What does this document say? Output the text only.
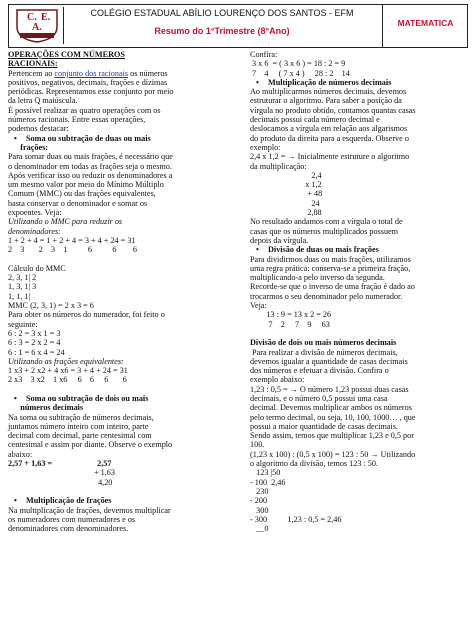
C. E.
A.
COLÉGIO ESTADUAL ABÍLIO LOURENÇO DOS SANTOS - EFM
Resumo do 1°Trimestre (8°Ano)
MATEMATICA
OPERAÇÕES COM NÚMEROS
RACIONAIS:
Pertencem ao conjunto dos racionais os números
positivos, negativos, decimais, frações e dízimas
periódicas. Representamos esse conjunto por meio
da letra Q maiúscula.
É possível realizar as quatro operações com os
números racionais. Entre essas operações,
podemos destacar:
• Soma ou subtração de duas ou mais
frações:
Para somar duas ou mais frações, é necessário que
o denominador em todas as frações seja o mesmo.
Após verificar isso ou reduzir os denominadores a
um mesmo valor por meio do Mínimo Múltiplo
Comum (MMC) ou das frações equivalentes,
basta conservar o denominador e somar os
expoentes. Veja:
Utilizando o MMC para reduzir os
denominadores:
1 + 2 + 4 = 1 + 2 + 4 = 3 + 4 + 24 = 31
2    3       2    3    1          6          6        6
Cálculo do MMC
2, 3, 1| 2
1, 3, 1| 3
1, 1, 1|
MMC (2, 3, 1) = 2 x 3 = 6
Para obter os números do numerador, foi feito o
seguinte:
6 : 2 = 3 x 1 = 3
6 : 3 = 2 x 2 = 4
6 : 1 = 6 x 4 = 24
Utilizando as frações equivalentes:
1 x3 + 2 x2 + 4 x6 = 3 + 4 + 24 = 31
2 x3    3 x2    1 x6     6    6     6       6
• Soma ou subtração de dois ou mais
números decimais
Na soma ou subtração de números decimais,
juntamos número inteiro com inteiro, parte
decimal com decimal, parte centesimal com
centesimal e assim por diante. Observe o exemplo
abaixo:
2,57 + 1,63 =                      2,57
+ 1,63
4,20
• Multiplicação de frações
Na multiplicação de frações, devemos multiplicar
os numeradores com numeradores e os
denominadores com denominadores.
Confira:
3 x 6  = ( 3 x 6 ) = 18 : 2 = 9
7    4     ( 7 x 4 )     28 : 2    14
• Multiplicação de números decimais
Ao multiplicarmos números decimais, devemos
estruturar o algoritmo. Para saber a posição da
vírgula no produto obtido, contamos quantas casas
decimais possui cada número decimal e
deslocamos a vírgula em relação aos algarismos
do produto da direita para a esquerda. Observe o
exemplo:
2,4 x 1,2 = → Inicialmente estruture o algoritmo
da multiplicação:
2,4
x 1,2
+ 48
24
2,88
No resultado andamos com a vírgula o total de
casas que os números multiplicados possuem
depois da vírgula.
• Divisão de duas ou mais frações
Para dividirmos duas ou mais frações, utilizamos
uma regra prática: conserva-se a primeira fração,
multiplicando-a pelo inverso da segunda.
Recorde-se que o inverso de uma fração é dado ao
trocarmos o seu denominador pelo numerador.
Veja:
13 : 9 = 13 x 2 = 26
7    2     7    9     63
Divisão de dois ou mais números decimais
Para realizar a divisão de números decimais,
devemos igualar a quantidade de casas decimais
dos números e efetuar a divisão. Confira o
exemplo abaixo:
1,23 : 0,5 = → O número 1,23 possui duas casas
decimais, e o número 0,5 possui uma casa
decimal. Devemos multiplicar ambos os números
pelo termo decimal, ou seja, 10, 100, 1000… , que
possui a maior quantidade de casas decimais.
Sendo assim, temos que multiplicar 1,23 e 0,5 por
100.
(1,23 x 100) : (0,5 x 100) = 123 : 50 → Utilizando
o algoritmo da divisão, temos 123 : 50.
123 |50
- 100  2,46
230
- 200
300
- 300          1,23 : 0,5 = 2,46
__0
